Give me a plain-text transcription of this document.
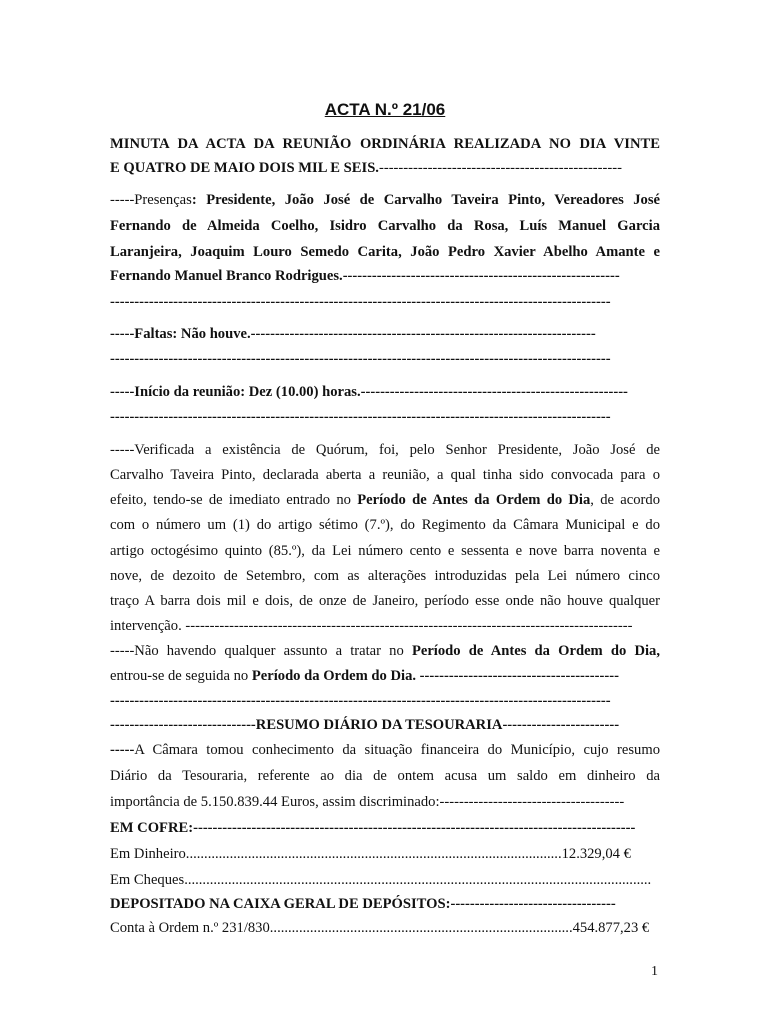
ACTA N.º 21/06
MINUTA DA ACTA DA REUNIÃO ORDINÁRIA REALIZADA NO DIA VINTE
E QUATRO DE MAIO DOIS MIL E SEIS.--------------------------------------------------
-----Presenças: Presidente, João José de Carvalho Taveira Pinto, Vereadores José
Fernando de Almeida Coelho, Isidro Carvalho da Rosa, Luís Manuel Garcia
Laranjeira, Joaquim Louro Semedo Carita, João Pedro Xavier Abelho Amante e
Fernando Manuel Branco Rodrigues.---------------------------------------------------------
-------------------------------------------------------------------------------------------------------
-----Faltas: Não houve.-----------------------------------------------------------------------
-------------------------------------------------------------------------------------------------------
-----Início da reunião: Dez (10.00) horas.-------------------------------------------------------
-------------------------------------------------------------------------------------------------------
-----Verificada a existência de Quórum, foi, pelo Senhor Presidente, João José de
Carvalho Taveira Pinto, declarada aberta a reunião, a qual tinha sido convocada para o
efeito, tendo-se de imediato entrado no Período de Antes da Ordem do Dia, de acordo
com o número um (1) do artigo sétimo (7.º), do Regimento da Câmara Municipal e do
artigo octogésimo quinto (85.º), da Lei número cento e sessenta e nove barra noventa e
nove, de dezoito de Setembro, com as alterações introduzidas pela Lei número cinco
traço A barra dois mil e dois, de onze de Janeiro, período esse onde não houve qualquer
intervenção. --------------------------------------------------------------------------------------------
-----Não havendo qualquer assunto a tratar no Período de Antes da Ordem do Dia,
entrou-se de seguida no Período da Ordem do Dia. -----------------------------------------
-------------------------------------------------------------------------------------------------------
------------------------------RESUMO DIÁRIO DA TESOURARIA------------------------
-----A Câmara tomou conhecimento da situação financeira do Município, cujo resumo
Diário da Tesouraria, referente ao dia de ontem acusa um saldo em dinheiro da
importância de 5.150.839.44 Euros, assim discriminado:--------------------------------------
EM COFRE:-------------------------------------------------------------------------------------------
Em Dinheiro.......................................................................................................12.329,04 €
Em Cheques................................................................................................................................
DEPOSITADO NA CAIXA GERAL DE DEPÓSITOS:----------------------------------
Conta à Ordem n.º 231/830...................................................................................454.877,23 €
1
